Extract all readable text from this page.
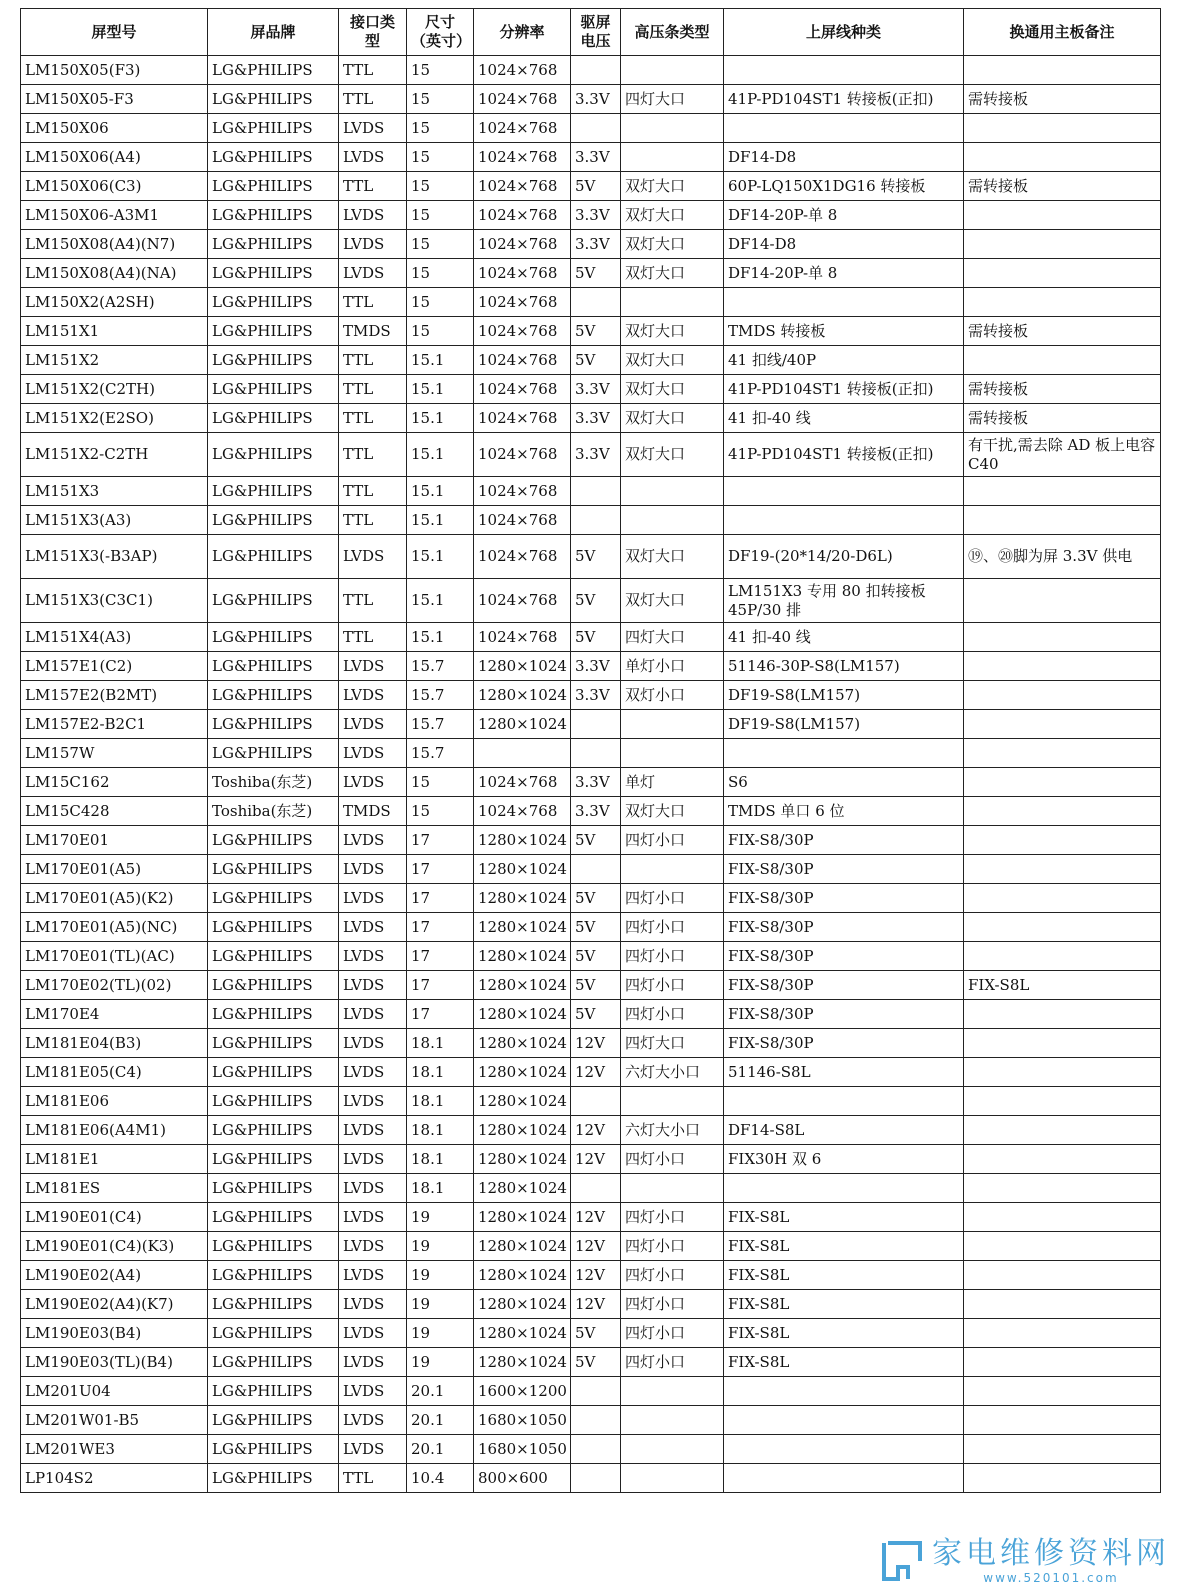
屏型号	屏品牌	接口类型	尺寸（英寸）	分辨率	驱屏电压	高压条类型	上屏线种类	换通用主板备注
LM150X05(F3)	LG&PHILIPS	TTL	15	1024×768				
LM150X05-F3	LG&PHILIPS	TTL	15	1024×768	3.3V	四灯大口	41P-PD104ST1 转接板(正扣)	需转接板
LM150X06	LG&PHILIPS	LVDS	15	1024×768				
LM150X06(A4)	LG&PHILIPS	LVDS	15	1024×768	3.3V		DF14-D8	
LM150X06(C3)	LG&PHILIPS	TTL	15	1024×768	5V	双灯大口	60P-LQ150X1DG16 转接板	需转接板
LM150X06-A3M1	LG&PHILIPS	LVDS	15	1024×768	3.3V	双灯大口	DF14-20P-单 8	
LM150X08(A4)(N7)	LG&PHILIPS	LVDS	15	1024×768	3.3V	双灯大口	DF14-D8	
LM150X08(A4)(NA)	LG&PHILIPS	LVDS	15	1024×768	5V	双灯大口	DF14-20P-单 8	
LM150X2(A2SH)	LG&PHILIPS	TTL	15	1024×768				
LM151X1	LG&PHILIPS	TMDS	15	1024×768	5V	双灯大口	TMDS 转接板	需转接板
LM151X2	LG&PHILIPS	TTL	15.1	1024×768	5V	双灯大口	41 扣线/40P	
LM151X2(C2TH)	LG&PHILIPS	TTL	15.1	1024×768	3.3V	双灯大口	41P-PD104ST1 转接板(正扣)	需转接板
LM151X2(E2SO)	LG&PHILIPS	TTL	15.1	1024×768	3.3V	双灯大口	41 扣-40 线	需转接板
LM151X2-C2TH	LG&PHILIPS	TTL	15.1	1024×768	3.3V	双灯大口	41P-PD104ST1 转接板(正扣)	有干扰,需去除 AD 板上电容 C40
LM151X3	LG&PHILIPS	TTL	15.1	1024×768				
LM151X3(A3)	LG&PHILIPS	TTL	15.1	1024×768				
LM151X3(-B3AP)	LG&PHILIPS	LVDS	15.1	1024×768	5V	双灯大口	DF19-(20*14/20-D6L)	⑲、⑳脚为屏 3.3V 供电
LM151X3(C3C1)	LG&PHILIPS	TTL	15.1	1024×768	5V	双灯大口	LM151X3 专用 80 扣转接板 45P/30 排	
LM151X4(A3)	LG&PHILIPS	TTL	15.1	1024×768	5V	四灯大口	41 扣-40 线	
LM157E1(C2)	LG&PHILIPS	LVDS	15.7	1280×1024	3.3V	单灯小口	51146-30P-S8(LM157)	
LM157E2(B2MT)	LG&PHILIPS	LVDS	15.7	1280×1024	3.3V	双灯小口	DF19-S8(LM157)	
LM157E2-B2C1	LG&PHILIPS	LVDS	15.7	1280×1024			DF19-S8(LM157)	
LM157W	LG&PHILIPS	LVDS	15.7					
LM15C162	Toshiba(东芝)	LVDS	15	1024×768	3.3V	单灯	S6	
LM15C428	Toshiba(东芝)	TMDS	15	1024×768	3.3V	双灯大口	TMDS 单口 6 位	
LM170E01	LG&PHILIPS	LVDS	17	1280×1024	5V	四灯小口	FIX-S8/30P	
LM170E01(A5)	LG&PHILIPS	LVDS	17	1280×1024			FIX-S8/30P	
LM170E01(A5)(K2)	LG&PHILIPS	LVDS	17	1280×1024	5V	四灯小口	FIX-S8/30P	
LM170E01(A5)(NC)	LG&PHILIPS	LVDS	17	1280×1024	5V	四灯小口	FIX-S8/30P	
LM170E01(TL)(AC)	LG&PHILIPS	LVDS	17	1280×1024	5V	四灯小口	FIX-S8/30P	
LM170E02(TL)(02)	LG&PHILIPS	LVDS	17	1280×1024	5V	四灯小口	FIX-S8/30P	FIX-S8L
LM170E4	LG&PHILIPS	LVDS	17	1280×1024	5V	四灯小口	FIX-S8/30P	
LM181E04(B3)	LG&PHILIPS	LVDS	18.1	1280×1024	12V	四灯大口	FIX-S8/30P	
LM181E05(C4)	LG&PHILIPS	LVDS	18.1	1280×1024	12V	六灯大小口	51146-S8L	
LM181E06	LG&PHILIPS	LVDS	18.1	1280×1024				
LM181E06(A4M1)	LG&PHILIPS	LVDS	18.1	1280×1024	12V	六灯大小口	DF14-S8L	
LM181E1	LG&PHILIPS	LVDS	18.1	1280×1024	12V	四灯小口	FIX30H 双 6	
LM181ES	LG&PHILIPS	LVDS	18.1	1280×1024				
LM190E01(C4)	LG&PHILIPS	LVDS	19	1280×1024	12V	四灯小口	FIX-S8L	
LM190E01(C4)(K3)	LG&PHILIPS	LVDS	19	1280×1024	12V	四灯小口	FIX-S8L	
LM190E02(A4)	LG&PHILIPS	LVDS	19	1280×1024	12V	四灯小口	FIX-S8L	
LM190E02(A4)(K7)	LG&PHILIPS	LVDS	19	1280×1024	12V	四灯小口	FIX-S8L	
LM190E03(B4)	LG&PHILIPS	LVDS	19	1280×1024	5V	四灯小口	FIX-S8L	
LM190E03(TL)(B4)	LG&PHILIPS	LVDS	19	1280×1024	5V	四灯小口	FIX-S8L	
LM201U04	LG&PHILIPS	LVDS	20.1	1600×1200				
LM201W01-B5	LG&PHILIPS	LVDS	20.1	1680×1050				
LM201WE3	LG&PHILIPS	LVDS	20.1	1680×1050				
LP104S2	LG&PHILIPS	TTL	10.4	800×600				
家电维修资料网
www.520101.com
